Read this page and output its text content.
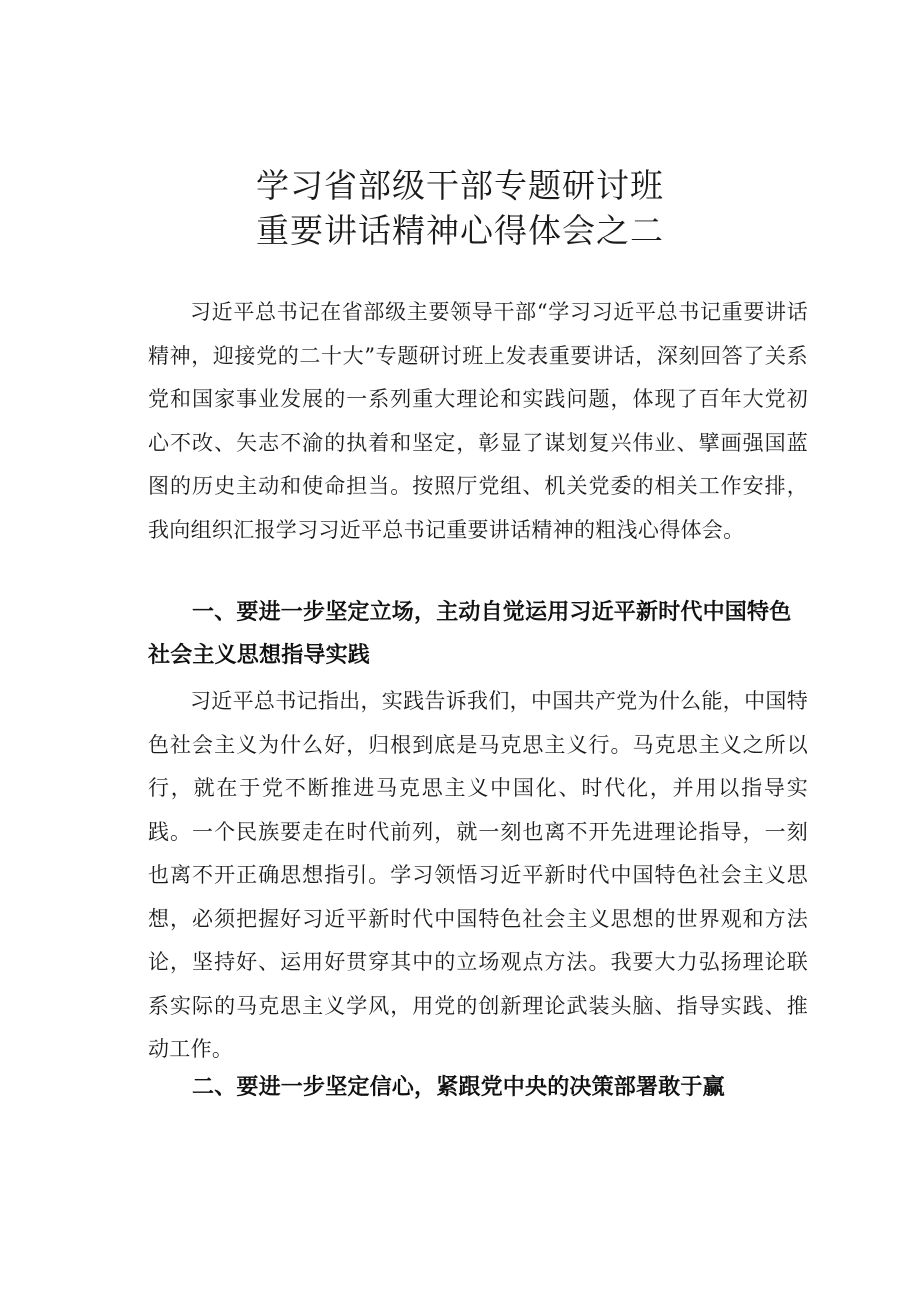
学习省部级干部专题研讨班
重要讲话精神心得体会之二

习近平总书记在省部级主要领导干部“学习习近平总书记重要讲话精神，迎接党的二十大”专题研讨班上发表重要讲话，深刻回答了关系党和国家事业发展的一系列重大理论和实践问题，体现了百年大党初心不改、矢志不渝的执着和坚定，彰显了谋划复兴伟业、擘画强国蓝图的历史主动和使命担当。按照厅党组、机关党委的相关工作安排，我向组织汇报学习习近平总书记重要讲话精神的粗浅心得体会。

一、要进一步坚定立场，主动自觉运用习近平新时代中国特色社会主义思想指导实践

习近平总书记指出，实践告诉我们，中国共产党为什么能，中国特色社会主义为什么好，归根到底是马克思主义行。马克思主义之所以行，就在于党不断推进马克思主义中国化、时代化，并用以指导实践。一个民族要走在时代前列，就一刻也离不开先进理论指导，一刻也离不开正确思想指引。学习领悟习近平新时代中国特色社会主义思想，必须把握好习近平新时代中国特色社会主义思想的世界观和方法论，坚持好、运用好贯穿其中的立场观点方法。我要大力弘扬理论联系实际的马克思主义学风，用党的创新理论武装头脑、指导实践、推动工作。

二、要进一步坚定信心，紧跟党中央的决策部署敢于赢
